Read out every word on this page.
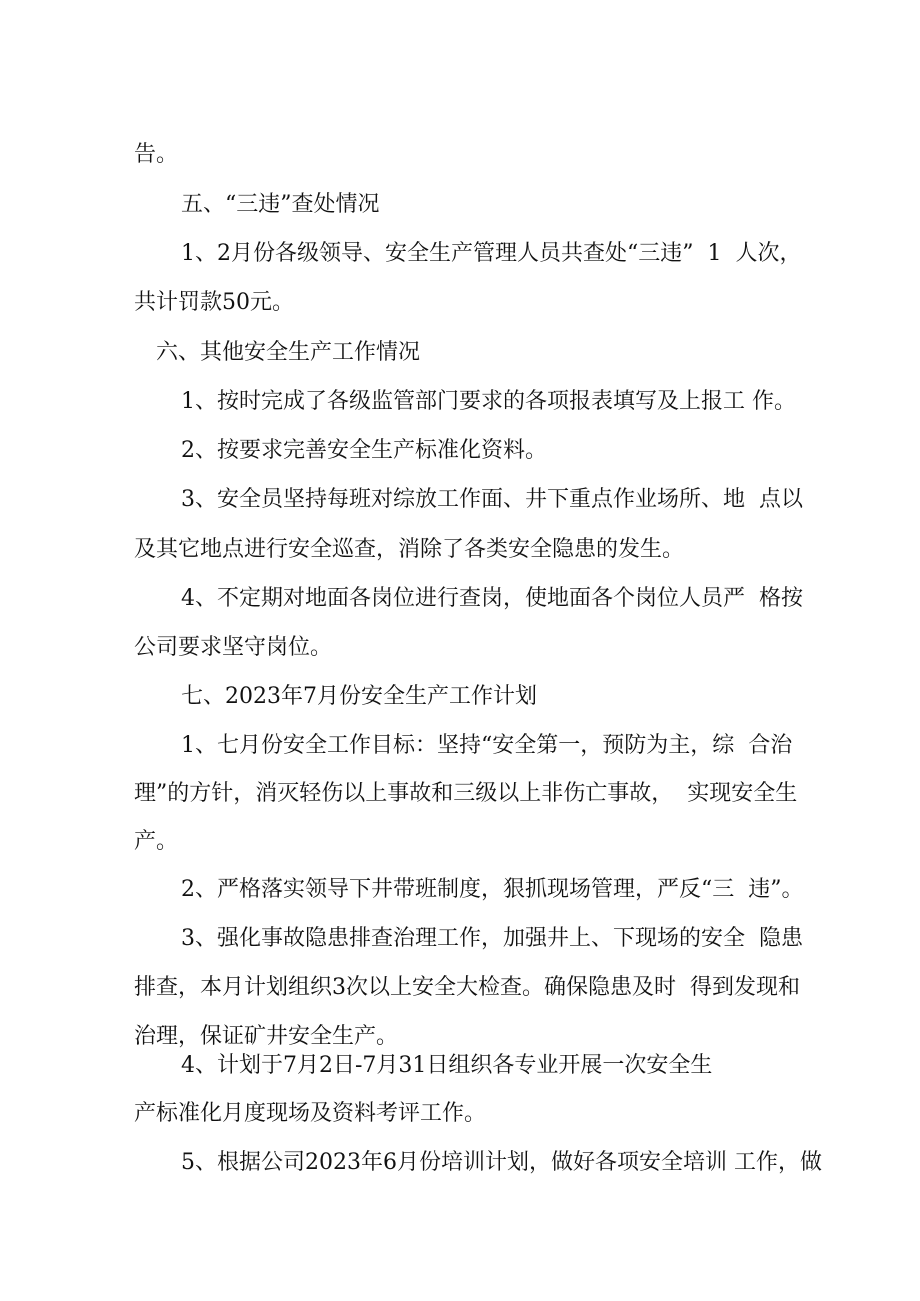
告。

五、“三违”查处情况

1、2月份各级领导、安全生产管理人员共查处“三违”  1  人次，

共计罚款50元。

六、其他安全生产工作情况

1、按时完成了各级监管部门要求的各项报表填写及上报工 作。

2、按要求完善安全生产标准化资料。

3、安全员坚持每班对综放工作面、井下重点作业场所、地  点以

及其它地点进行安全巡查，消除了各类安全隐患的发生。

4、不定期对地面各岗位进行查岗，使地面各个岗位人员严  格按

公司要求坚守岗位。

七、2023年7月份安全生产工作计划

1、七月份安全工作目标：坚持“安全第一，预防为主，综  合治

理”的方针，消灭轻伤以上事故和三级以上非伤亡事故，  实现安全生

产。

2、严格落实领导下井带班制度，狠抓现场管理，严反“三  违”。

3、强化事故隐患排查治理工作，加强井上、下现场的安全  隐患

排查，本月计划组织3次以上安全大检查。确保隐患及时  得到发现和

治理，保证矿井安全生产。

4、计划于7月2日-7月31日组织各专业开展一次安全生

产标准化月度现场及资料考评工作。

5、根据公司2023年6月份培训计划，做好各项安全培训 工作，做
